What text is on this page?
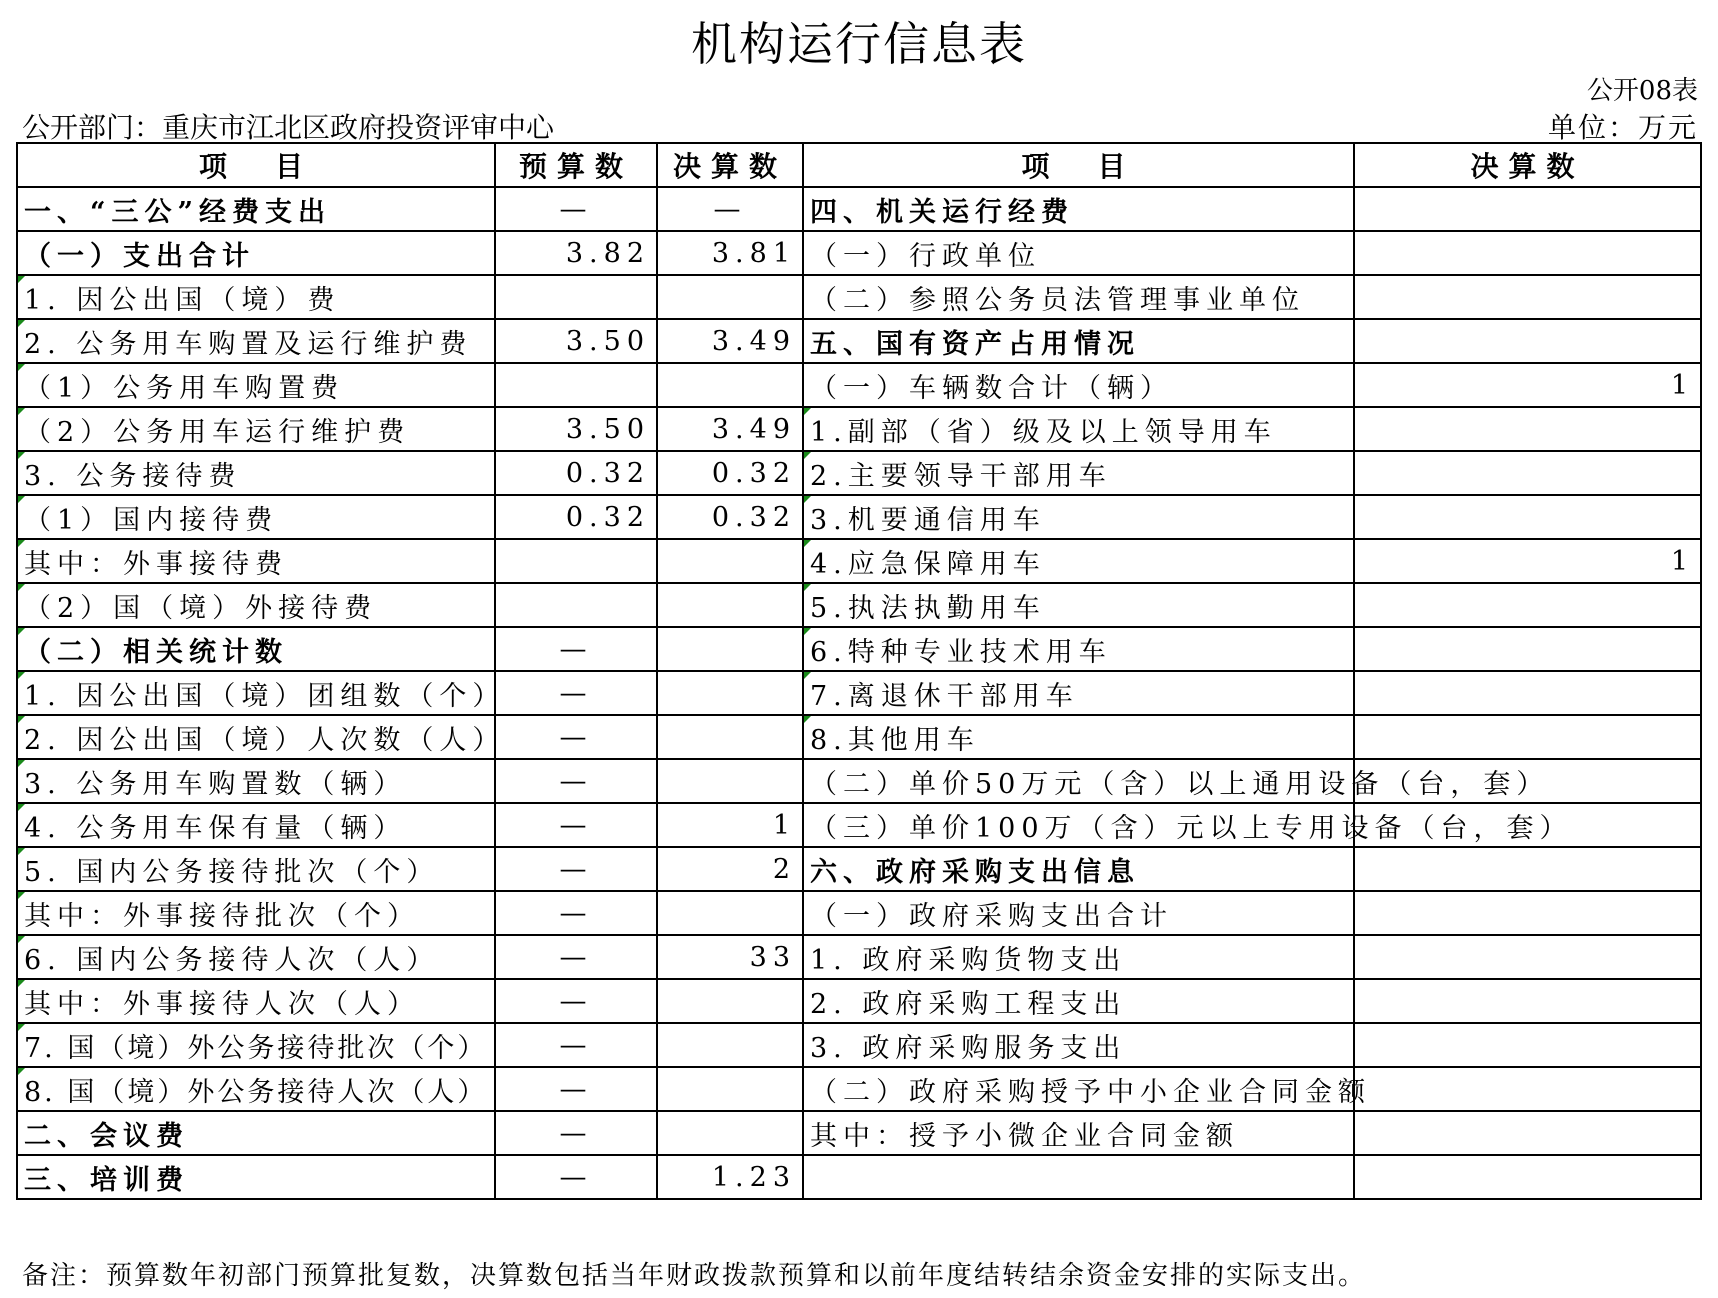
机构运行信息表
公开08表
公开部门：重庆市江北区政府投资评审中心	单位：万元
项　目	预算数	决算数	项　目	决算数
一、“三公”经费支出	—	—	四、机关运行经费	
（一）支出合计	3.82	3.81	（一）行政单位	
1. 因公出国（境）费			（二）参照公务员法管理事业单位	
2. 公务用车购置及运行维护费	3.50	3.49	五、国有资产占用情况	
（1）公务用车购置费			（一）车辆数合计（辆）	1
（2）公务用车运行维护费	3.50	3.49	1.副部（省）级及以上领导用车	
3. 公务接待费	0.32	0.32	2.主要领导干部用车	
（1）国内接待费	0.32	0.32	3.机要通信用车	
其中：外事接待费			4.应急保障用车	1
（2）国（境）外接待费			5.执法执勤用车	
（二）相关统计数	—		6.特种专业技术用车	
1. 因公出国（境）团组数（个）	—		7.离退休干部用车	
2. 因公出国（境）人次数（人）	—		8.其他用车	
3. 公务用车购置数（辆）	—		（二）单价50万元（含）以上通用设备（台，套）	
4. 公务用车保有量（辆）	—	1	（三）单价100万（含）元以上专用设备（台，套）	
5. 国内公务接待批次（个）	—	2	六、政府采购支出信息	
其中：外事接待批次（个）	—		（一）政府采购支出合计	
6. 国内公务接待人次（人）	—	33	1. 政府采购货物支出	
其中：外事接待人次（人）	—		2. 政府采购工程支出	
7. 国（境）外公务接待批次（个）	—		3. 政府采购服务支出	
8. 国（境）外公务接待人次（人）	—		（二）政府采购授予中小企业合同金额	
二、会议费	—		其中：授予小微企业合同金额	
三、培训费	—	1.23		
备注：预算数年初部门预算批复数，决算数包括当年财政拨款预算和以前年度结转结余资金安排的实际支出。
